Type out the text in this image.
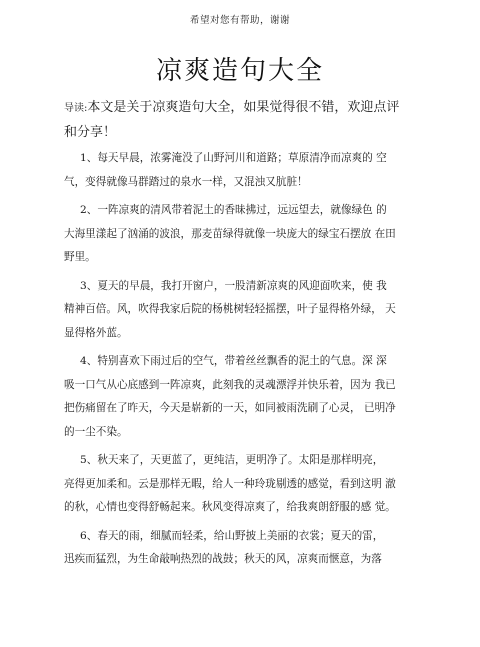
希望对您有帮助，谢谢
凉爽造句大全

导读:本文是关于凉爽造句大全，如果觉得很不错，欢迎点评
和分享！

1、每天早晨，浓雾淹没了山野河川和道路；草原清净而凉爽的 空
气，变得就像马群踏过的泉水一样，又混浊又肮脏！

2、一阵凉爽的清风带着泥土的香昧拂过，远远望去，就像绿色 的
大海里漾起了汹涌的波浪，那麦苗绿得就像一块庞大的绿宝石摆放 在田
野里。

3、夏天的早晨，我打开窗户，一股清新凉爽的风迎面吹来，使 我
精神百倍。风，吹得我家后院的杨桃树轻轻摇摆，叶子显得格外绿， 天
显得格外蓝。

4、特别喜欢下雨过后的空气，带着丝丝飘香的泥土的气息。深 深
吸一口气从心底感到一阵凉爽，此刻我的灵魂漂浮并快乐着，因为 我已
把伤痛留在了昨天，今天是崭新的一天，如同被雨洗刷了心灵， 已明净
的一尘不染。

5、秋天来了，天更蓝了，更纯洁，更明净了。太阳是那样明亮，
亮得更加柔和。云是那样无暇，给人一种玲珑剔透的感觉，看到这明 澈
的秋，心情也变得舒畅起来。秋风变得凉爽了，给我爽朗舒服的感 觉。

6、春天的雨，细腻而轻柔，给山野披上美丽的衣裳；夏天的雷，
迅疾而猛烈，为生命敲响热烈的战鼓；秋天的风，凉爽而惬意，为落
